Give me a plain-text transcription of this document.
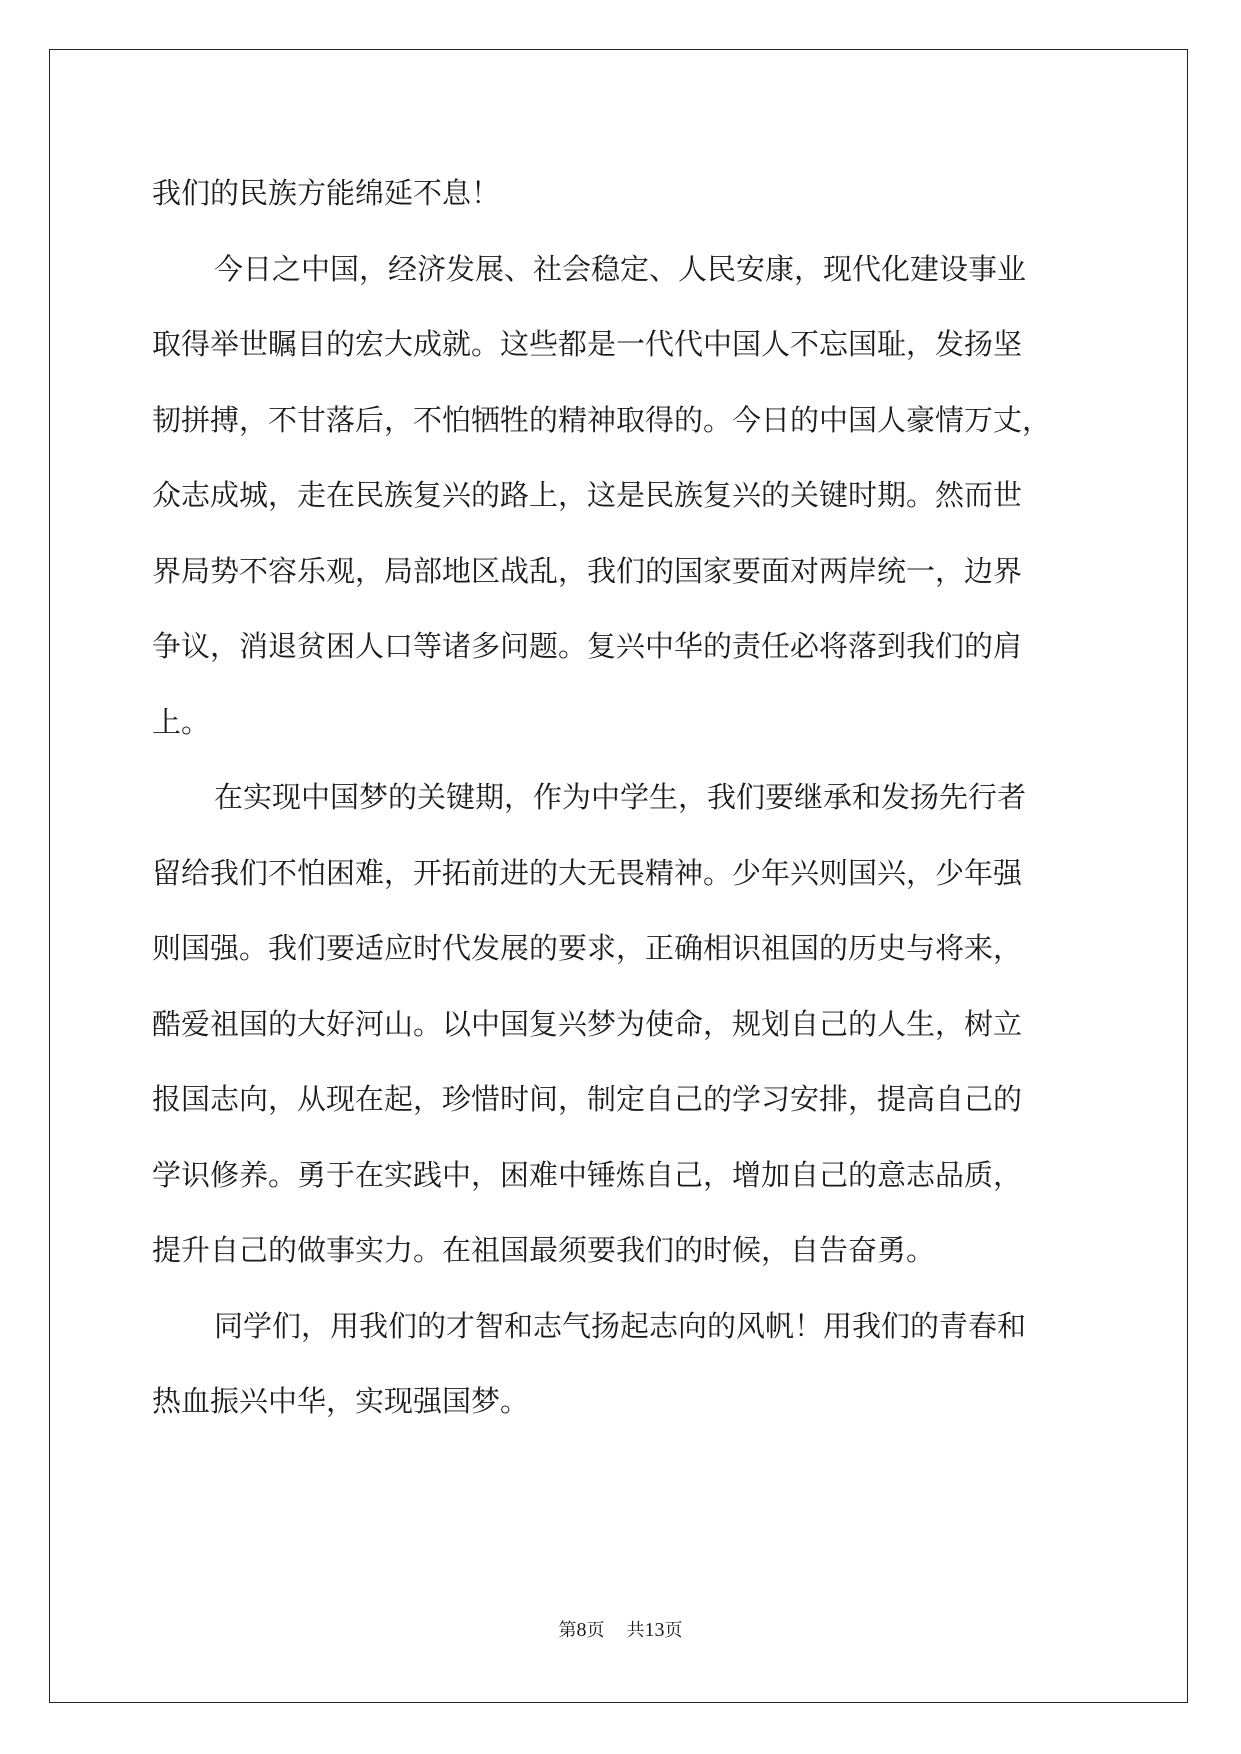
我们的民族方能绵延不息！

今日之中国，经济发展、社会稳定、人民安康，现代化建设事业

取得举世瞩目的宏大成就。这些都是一代代中国人不忘国耻，发扬坚

韧拼搏，不甘落后，不怕牺牲的精神取得的。今日的中国人豪情万丈，

众志成城，走在民族复兴的路上，这是民族复兴的关键时期。然而世

界局势不容乐观，局部地区战乱，我们的国家要面对两岸统一，边界

争议，消退贫困人口等诸多问题。复兴中华的责任必将落到我们的肩

上。

在实现中国梦的关键期，作为中学生，我们要继承和发扬先行者

留给我们不怕困难，开拓前进的大无畏精神。少年兴则国兴，少年强

则国强。我们要适应时代发展的要求，正确相识祖国的历史与将来，

酷爱祖国的大好河山。以中国复兴梦为使命，规划自己的人生，树立

报国志向，从现在起，珍惜时间，制定自己的学习安排，提高自己的

学识修养。勇于在实践中，困难中锤炼自己，增加自己的意志品质，

提升自己的做事实力。在祖国最须要我们的时候，自告奋勇。

同学们，用我们的才智和志气扬起志向的风帆！用我们的青春和

热血振兴中华，实现强国梦。

第8页 共13页
